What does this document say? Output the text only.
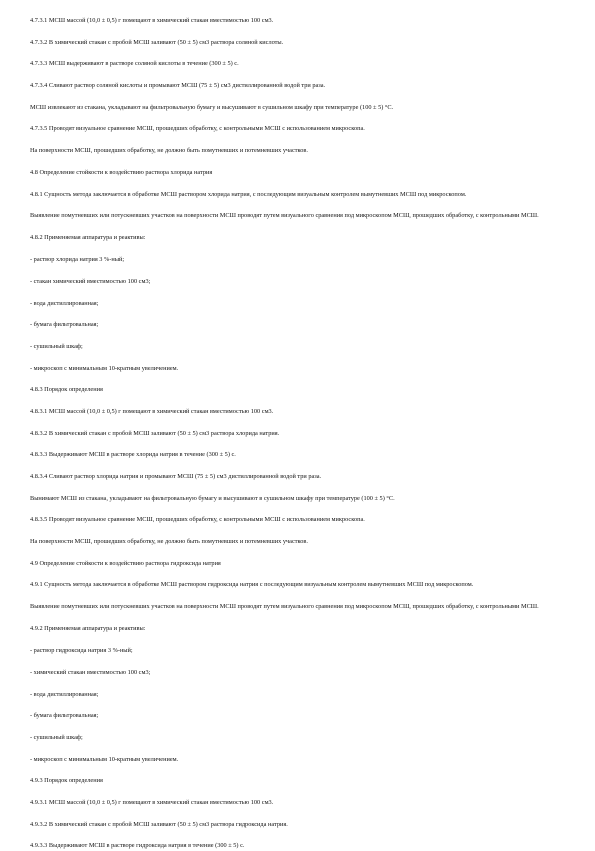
4.7.3.1 МСШ массой (10,0 ± 0,5) г помещают в химический стакан вместимостью 100 см3.

4.7.3.2 В химический стакан с пробой МСШ заливают (50 ± 5) см3 раствора соляной кислоты.

4.7.3.3 МСШ выдерживают в растворе соляной кислоты в течение (300 ± 5) с.

4.7.3.4 Сливают раствор соляной кислоты и промывают МСШ (75 ± 5) см3 дистиллированной водой три раза.

МСШ извлекают из стакана, укладывают на фильтровальную бумагу и высушивают в сушильном шкафу при температуре (100 ± 5) °С.

4.7.3.5 Проводят визуальное сравнение МСШ, прошедших обработку, с контрольными МСШ с использованием микроскопа.

На поверхности МСШ, прошедших обработку, не должно быть помутневших и потемневших участков.

4.8 Определение стойкости к воздействию раствора хлорида натрия

4.8.1 Сущность метода заключается в обработке МСШ раствором хлорида натрия, с последующим визуальным контролем вымутневших МСШ под микроскопом.

Выявление помутневших или потускневших участков на поверхности МСШ проводят путем визуального сравнения под микроскопом МСШ, прошедших обработку, с контрольными МСШ.

4.8.2 Применяемая аппаратура и реактивы:

- раствор хлорида натрия 3 %-ный;

- стакан химический вместимостью 100 см3;

- вода дистиллированная;

- бумага фильтровальная;

- сушильный шкаф;

- микроскоп с минимальным 10-кратным увеличением.

4.8.3 Порядок определения

4.8.3.1 МСШ массой (10,0 ± 0,5) г помещают в химический стакан вместимостью 100 см3.

4.8.3.2 В химический стакан с пробой МСШ заливают (50 ± 5) см3 раствора хлорида натрия.

4.8.3.3 Выдерживают МСШ в растворе хлорида натрия в течение (300 ± 5) с.

4.8.3.4 Сливают раствор хлорида натрия и промывают МСШ (75 ± 5) см3 дистиллированной водой три раза.

Вынимают МСШ из стакана, укладывают на фильтровальную бумагу и высушивают в сушильном шкафу при температуре (100 ± 5) °С.

4.8.3.5 Проводят визуальное сравнение МСШ, прошедших обработку, с контрольными МСШ с использованием микроскопа.

На поверхности МСШ, прошедших обработку, не должно быть помутневших и потемневших участков.

4.9 Определение стойкости к воздействию раствора гидроксида натрия

4.9.1 Сущность метода заключается в обработке МСШ раствором гидроксида натрия с последующим визуальным контролем вымутневших МСШ под микроскопом.

Выявление помутневших или потускневших участков на поверхности МСШ проводят путем визуального сравнения под микроскопом МСШ, прошедших обработку, с контрольными МСШ.

4.9.2 Применяемая аппаратура и реактивы:

- раствор гидроксида натрия 3 %-ный;

- химический стакан вместимостью 100 см3;

- вода дистиллированная;

- бумага фильтровальная;

- сушильный шкаф;

- микроскоп с минимальным 10-кратным увеличением.

4.9.3 Порядок определения

4.9.3.1 МСШ массой (10,0 ± 0,5) г помещают в химический стакан вместимостью 100 см3.

4.9.3.2 В химический стакан с пробой МСШ заливают (50 ± 5) см3 раствора гидроксида натрия.

4.9.3.3 Выдерживают МСШ в растворе гидроксида натрия в течение (300 ± 5) с.
